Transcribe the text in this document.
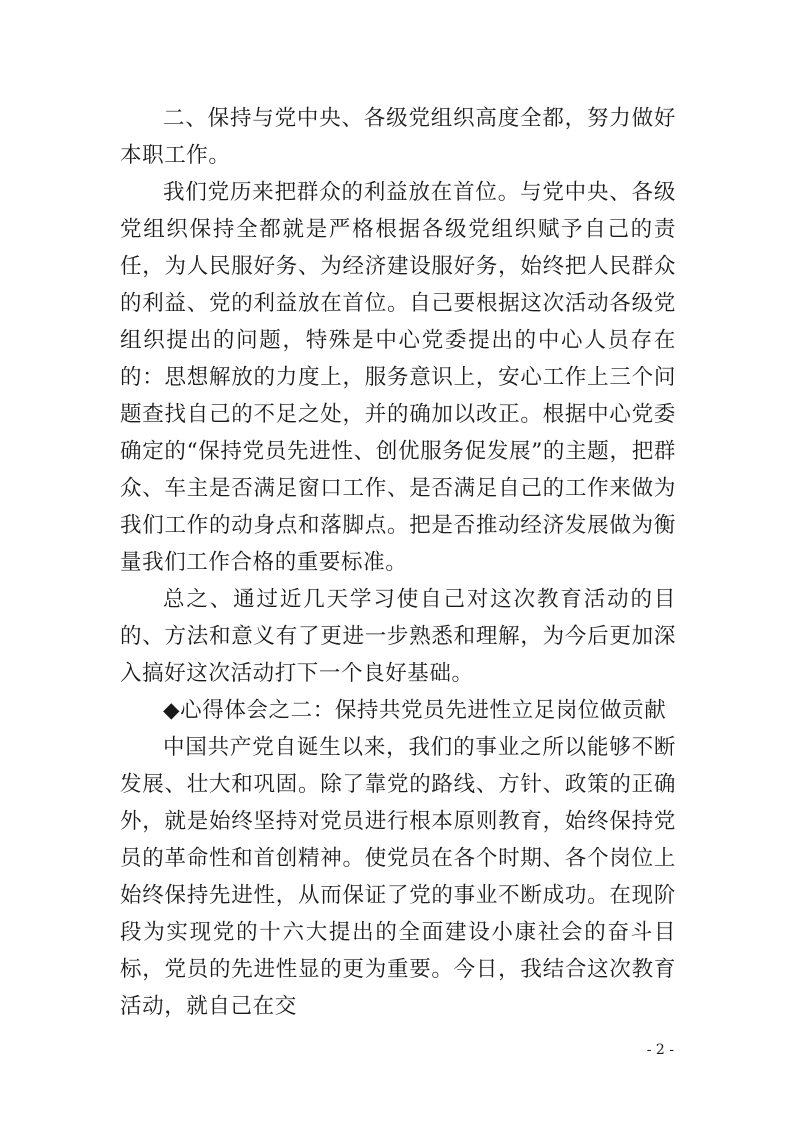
二、保持与党中央、各级党组织高度全都，努力做好本职工作。

我们党历来把群众的利益放在首位。与党中央、各级党组织保持全都就是严格根据各级党组织赋予自己的责任，为人民服好务、为经济建设服好务，始终把人民群众的利益、党的利益放在首位。自己要根据这次活动各级党组织提出的问题，特殊是中心党委提出的中心人员存在的：思想解放的力度上，服务意识上，安心工作上三个问题查找自己的不足之处，并的确加以改正。根据中心党委确定的“保持党员先进性、创优服务促发展”的主题，把群众、车主是否满足窗口工作、是否满足自己的工作来做为我们工作的动身点和落脚点。把是否推动经济发展做为衡量我们工作合格的重要标准。

总之、通过近几天学习使自己对这次教育活动的目的、方法和意义有了更进一步熟悉和理解，为今后更加深入搞好这次活动打下一个良好基础。

◆心得体会之二：保持共党员先进性立足岗位做贡献

中国共产党自诞生以来，我们的事业之所以能够不断发展、壮大和巩固。除了靠党的路线、方针、政策的正确外，就是始终坚持对党员进行根本原则教育，始终保持党员的革命性和首创精神。使党员在各个时期、各个岗位上始终保持先进性，从而保证了党的事业不断成功。在现阶段为实现党的十六大提出的全面建设小康社会的奋斗目标，党员的先进性显的更为重要。今日，我结合这次教育活动，就自己在交

- 2 -
